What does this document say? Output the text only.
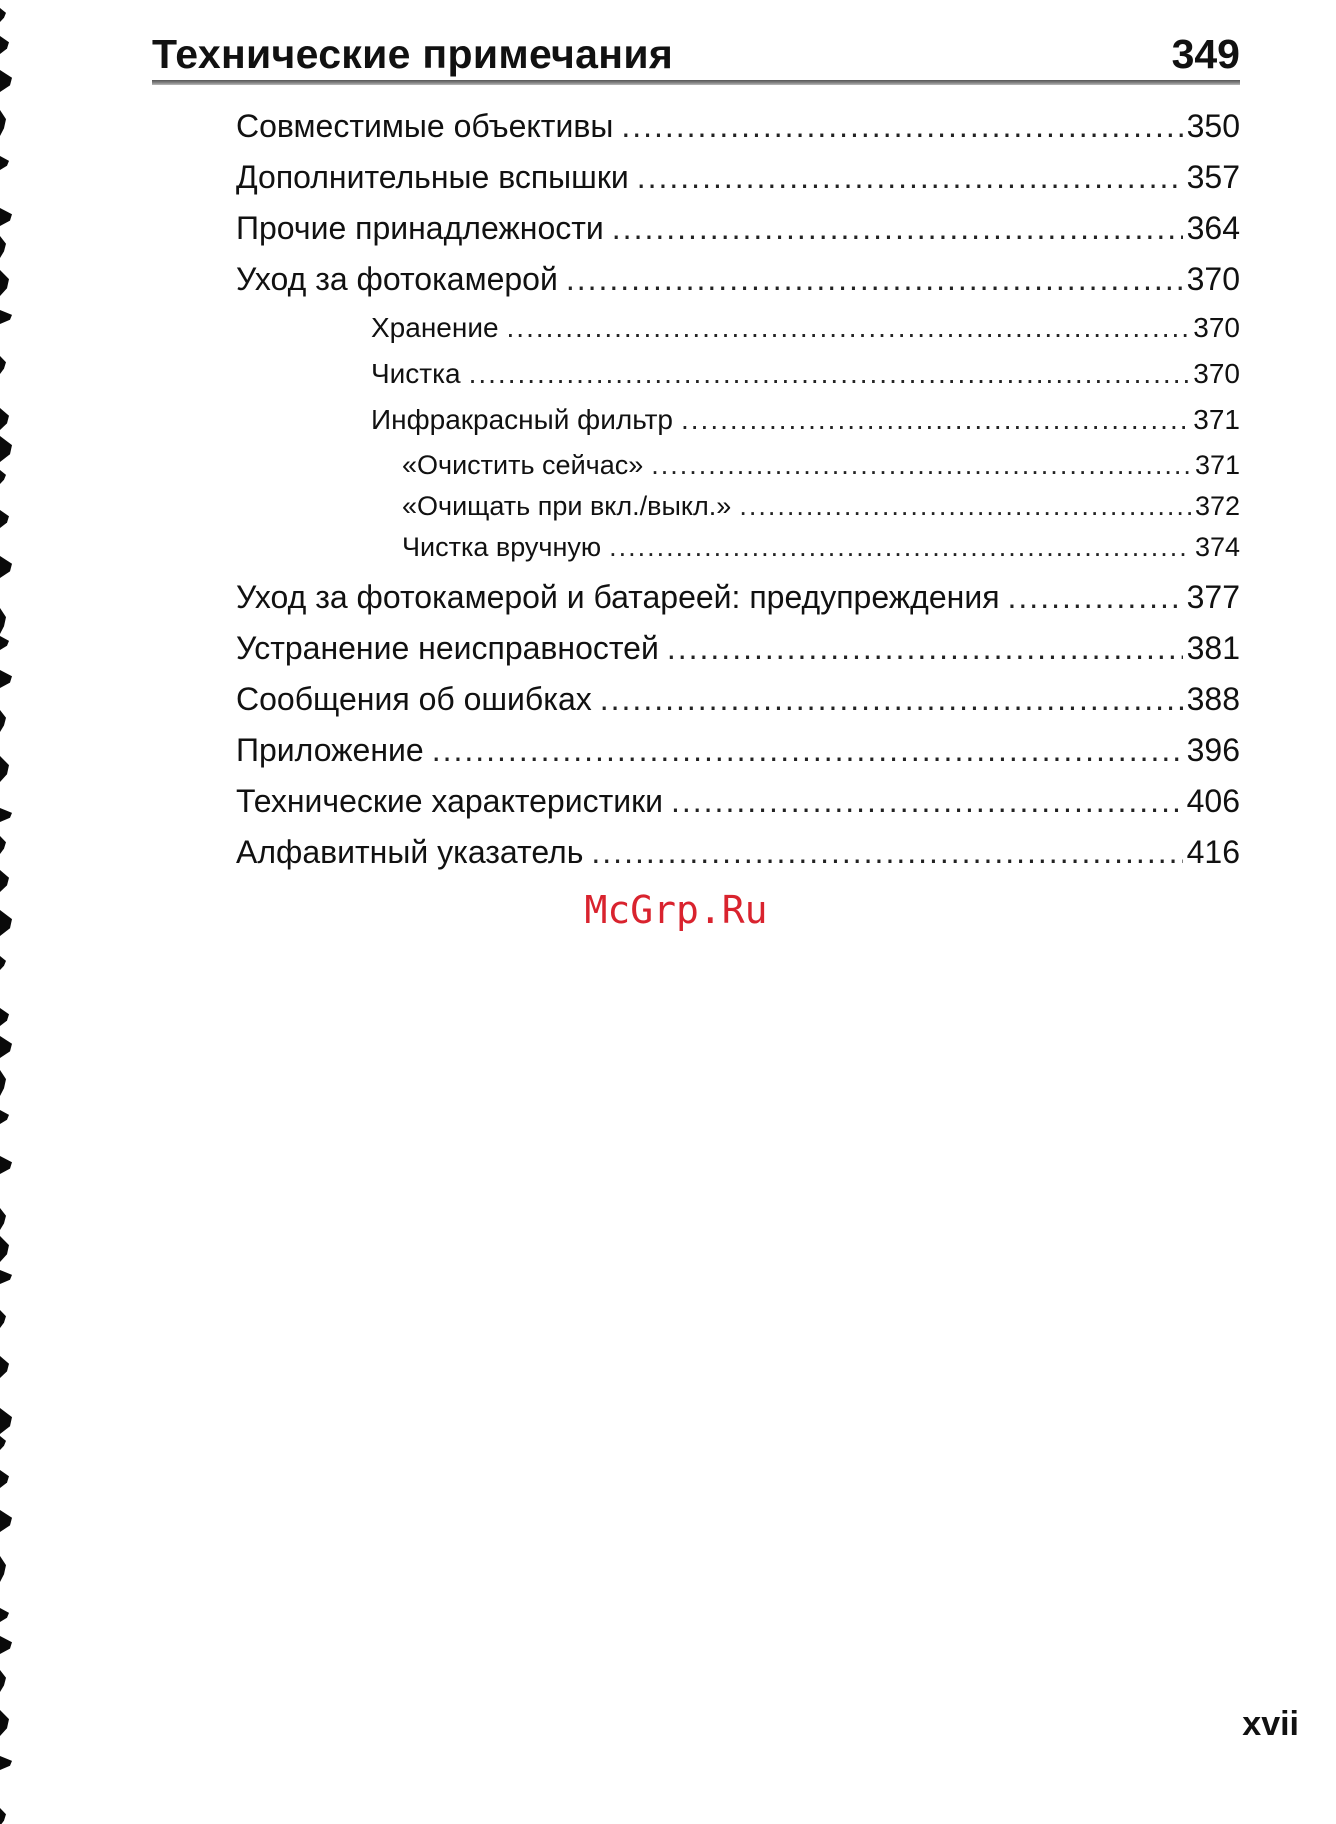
Технические примечания	349
Совместимые объективы .....	350
Дополнительные вспышки .....	357
Прочие принадлежности .....	364
Уход за фотокамерой .....	370
Хранение .....	370
Чистка .....	370
Инфракрасный фильтр .....	371
«Очистить сейчас» .....	371
«Очищать при вкл./выкл.» .....	372
Чистка вручную .....	374
Уход за фотокамерой и батареей: предупреждения .....	377
Устранение неисправностей .....	381
Сообщения об ошибках .....	388
Приложение .....	396
Технические характеристики .....	406
Алфавитный указатель .....	416
McGrp.Ru
xvii
